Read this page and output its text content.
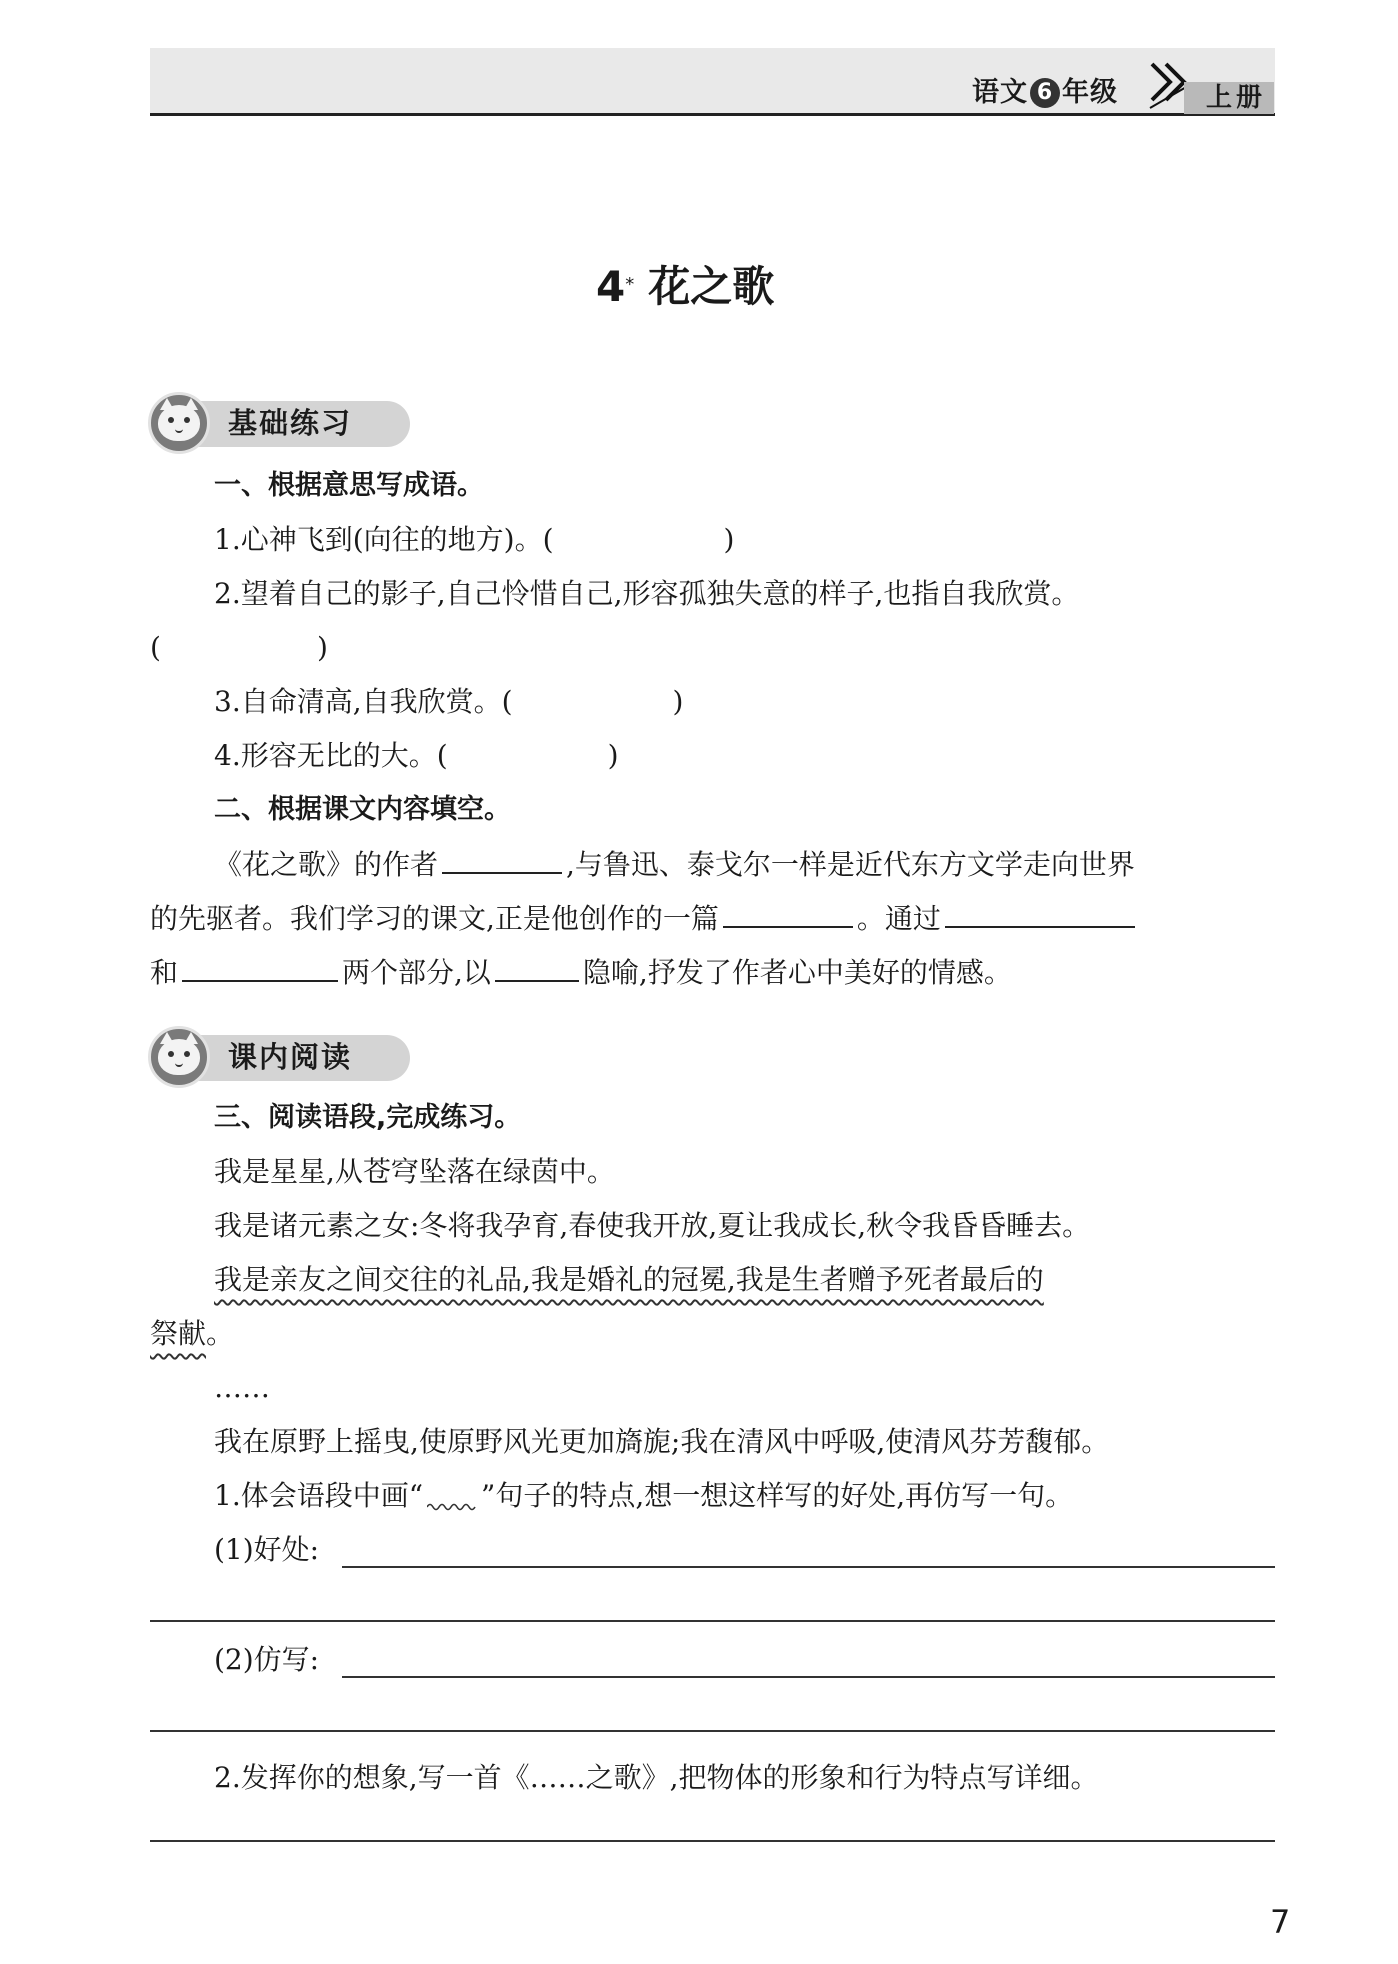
语文 6 年级	上册
4* 花之歌
基础练习
一、根据意思写成语。
1.心神飞到(向往的地方)。(	)
2.望着自己的影子,自己怜惜自己,形容孤独失意的样子,也指自我欣赏。
(	)
3.自命清高,自我欣赏。(	)
4.形容无比的大。(	)
二、根据课文内容填空。
《花之歌》的作者	,与鲁迅、泰戈尔一样是近代东方文学走向世界
的先驱者。我们学习的课文,正是他创作的一篇	。通过
和	两个部分,以	隐喻,抒发了作者心中美好的情感。
课内阅读
三、阅读语段,完成练习。
我是星星,从苍穹坠落在绿茵中。
我是诸元素之女:冬将我孕育,春使我开放,夏让我成长,秋令我昏昏睡去。
我是亲友之间交往的礼品,我是婚礼的冠冕,我是生者赠予死者最后的
祭献。
……
我在原野上摇曳,使原野风光更加旖旎;我在清风中呼吸,使清风芬芳馥郁。
1.体会语段中画“ ”句子的特点,想一想这样写的好处,再仿写一句。
(1)好处:
(2)仿写:
2.发挥你的想象,写一首《……之歌》,把物体的形象和行为特点写详细。
7
